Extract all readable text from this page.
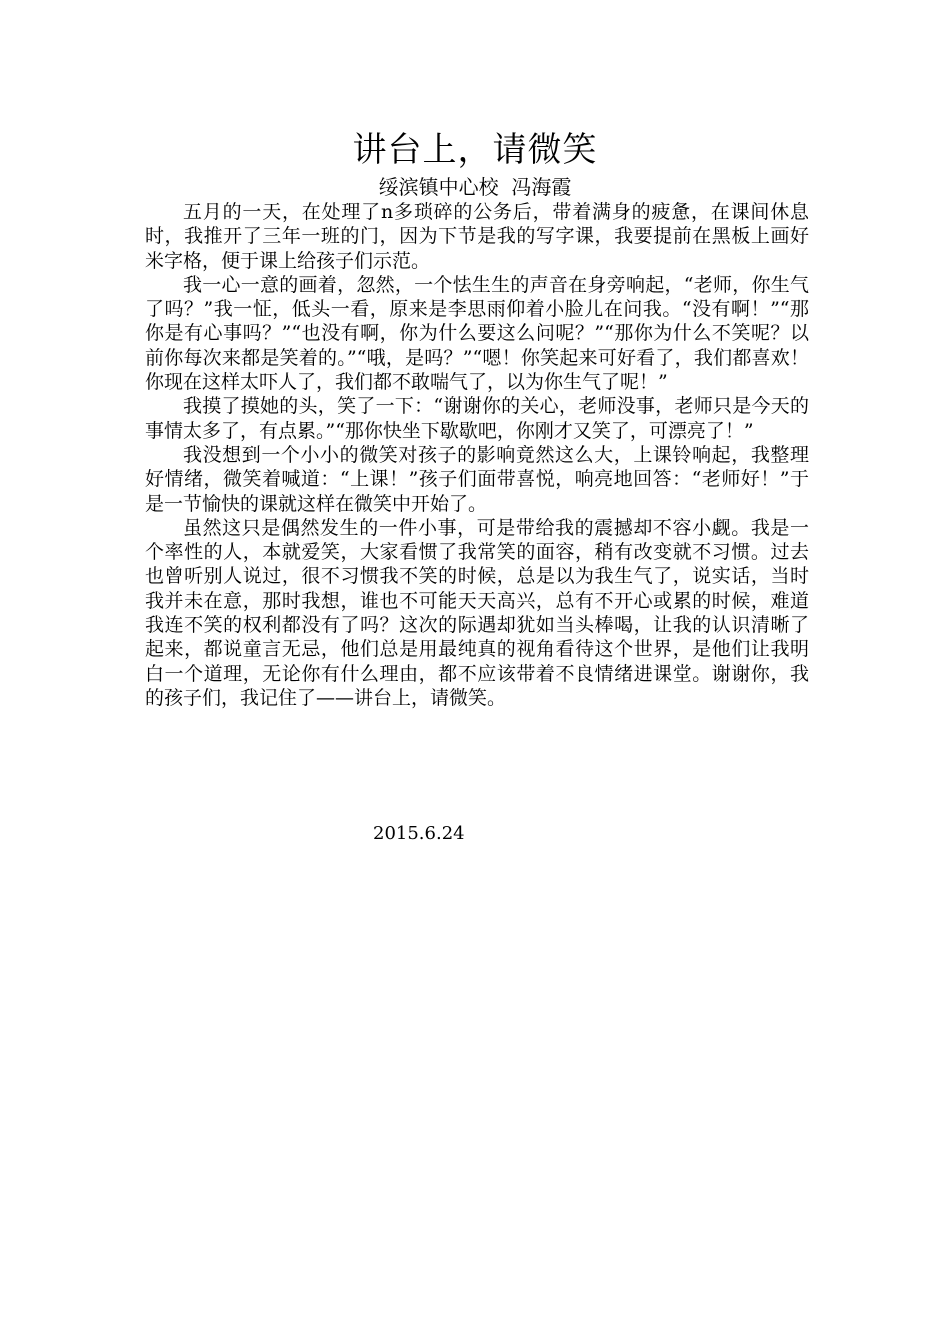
讲台上，请微笑
绥滨镇中心校  冯海霞

五月的一天，在处理了n多琐碎的公务后，带着满身的疲惫，在课间休息时，我推开了三年一班的门，因为下节是我的写字课，我要提前在黑板上画好米字格，便于课上给孩子们示范。

我一心一意的画着，忽然，一个怯生生的声音在身旁响起，“老师，你生气了吗？”我一怔，低头一看，原来是李思雨仰着小脸儿在问我。“没有啊！”“那你是有心事吗？”“也没有啊，你为什么要这么问呢？”“那你为什么不笑呢？以前你每次来都是笑着的。”“哦，是吗？”“嗯！你笑起来可好看了，我们都喜欢！你现在这样太吓人了，我们都不敢喘气了，以为你生气了呢！”

我摸了摸她的头，笑了一下：“谢谢你的关心，老师没事，老师只是今天的事情太多了，有点累。”“那你快坐下歇歇吧，你刚才又笑了，可漂亮了！”

我没想到一个小小的微笑对孩子的影响竟然这么大，上课铃响起，我整理好情绪，微笑着喊道：“上课！”孩子们面带喜悦，响亮地回答：“老师好！”于是一节愉快的课就这样在微笑中开始了。

虽然这只是偶然发生的一件小事，可是带给我的震撼却不容小觑。我是一个率性的人，本就爱笑，大家看惯了我常笑的面容，稍有改变就不习惯。过去也曾听别人说过，很不习惯我不笑的时候，总是以为我生气了，说实话，当时我并未在意，那时我想，谁也不可能天天高兴，总有不开心或累的时候，难道我连不笑的权利都没有了吗？这次的际遇却犹如当头棒喝，让我的认识清晰了起来，都说童言无忌，他们总是用最纯真的视角看待这个世界，是他们让我明白一个道理，无论你有什么理由，都不应该带着不良情绪进课堂。谢谢你，我的孩子们，我记住了——讲台上，请微笑。

2015.6.24
